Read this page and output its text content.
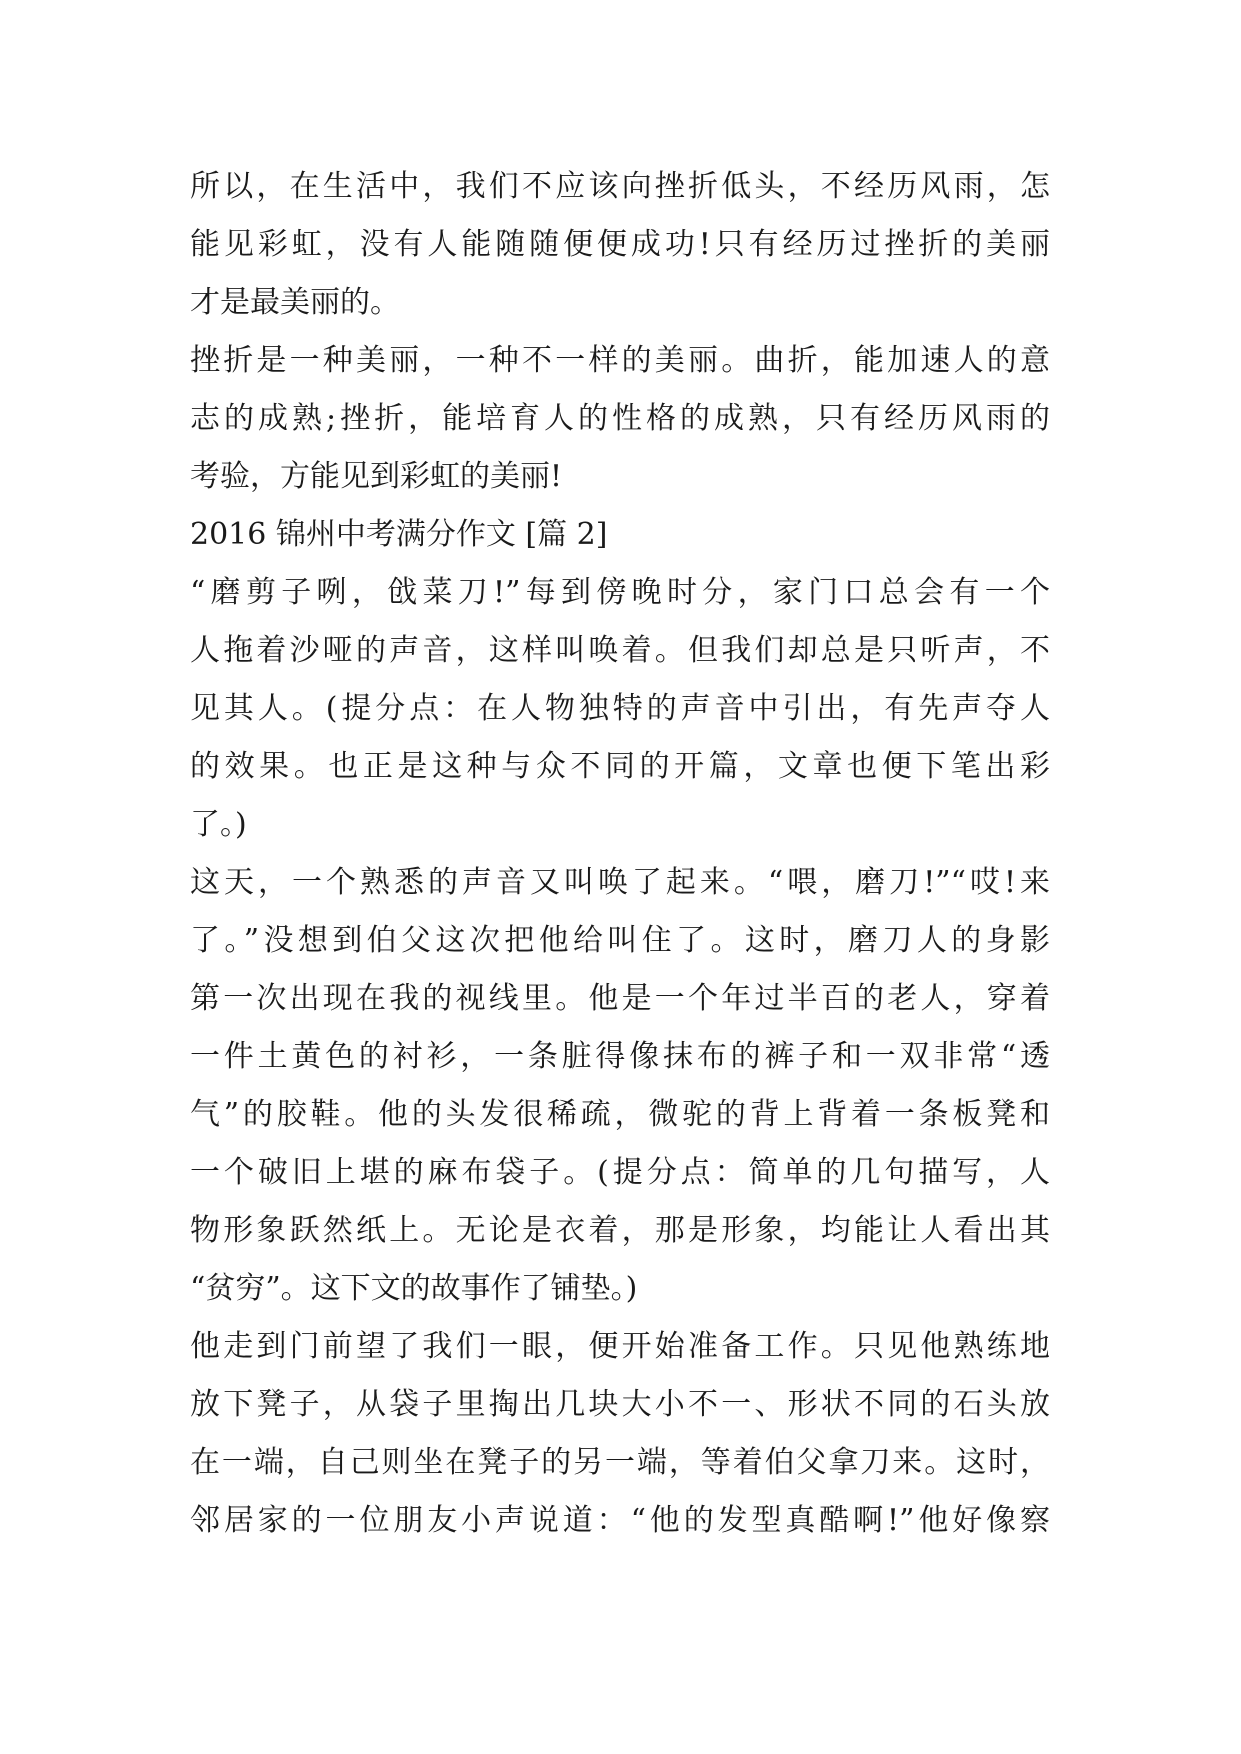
所以，在生活中，我们不应该向挫折低头，不经历风雨，怎
能见彩虹，没有人能随随便便成功!只有经历过挫折的美丽
才是最美丽的。
挫折是一种美丽，一种不一样的美丽。曲折，能加速人的意
志的成熟;挫折，能培育人的性格的成熟，只有经历风雨的
考验，方能见到彩虹的美丽!
2016 锦州中考满分作文 [篇 2]
“磨剪子咧，戗菜刀!”每到傍晚时分，家门口总会有一个
人拖着沙哑的声音，这样叫唤着。但我们却总是只听声，不
见其人。(提分点：在人物独特的声音中引出，有先声夺人
的效果。也正是这种与众不同的开篇，文章也便下笔出彩
了。)
这天，一个熟悉的声音又叫唤了起来。“喂，磨刀!”“哎!来
了。”没想到伯父这次把他给叫住了。这时，磨刀人的身影
第一次出现在我的视线里。他是一个年过半百的老人，穿着
一件土黄色的衬衫，一条脏得像抹布的裤子和一双非常“透
气”的胶鞋。他的头发很稀疏，微驼的背上背着一条板凳和
一个破旧上堪的麻布袋子。(提分点：简单的几句描写，人
物形象跃然纸上。无论是衣着，那是形象，均能让人看出其
“贫穷”。这下文的故事作了铺垫。)
他走到门前望了我们一眼，便开始准备工作。只见他熟练地
放下凳子，从袋子里掏出几块大小不一、形状不同的石头放
在一端，自己则坐在凳子的另一端，等着伯父拿刀来。这时，
邻居家的一位朋友小声说道：“他的发型真酷啊!”他好像察
